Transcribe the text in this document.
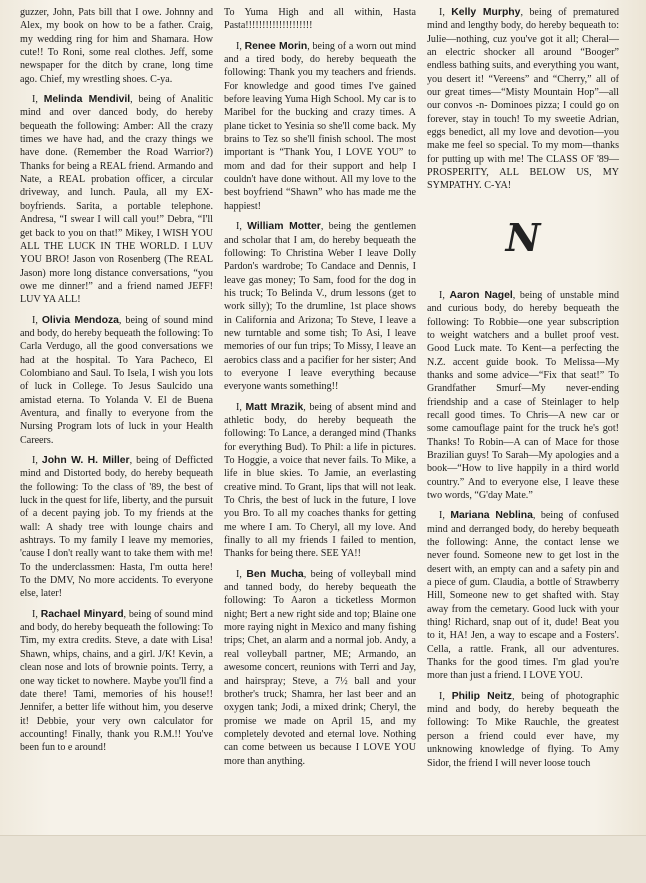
guzzer, John, Pats bill that I owe. Johnny and Alex, my book on how to be a father. Craig, my wedding ring for him and Shamara. How cute!! To Roni, some real clothes. Jeff, some newspaper for the ditch by crane, long time ago. Chief, my wrestling shoes. C-ya.

I, Melinda Mendivil, being of Analitic mind and over danced body, do hereby bequeath the following: Amber: All the crazy times we have had, and the crazy things we have done. (Remember the Road Warrior?) Thanks for being a REAL friend. Armando and Nate, a REAL probation officer, a circular driveway, and lunch. Paula, all my EX-boyfriends. Sarita, a portable telephone. Andresa, “I swear I will call you!” Debra, “I'll get back to you on that!” Mikey, I WISH YOU ALL THE LUCK IN THE WORLD. I LUV YOU BRO! Jason von Rosenberg (The REAL Jason) more long distance conversations, “you owe me dinner!” and a friend named JEFF! LUV YA ALL!

I, Olivia Mendoza, being of sound mind and body, do hereby bequeath the following: To Carla Verdugo, all the good conversations we had at the hospital. To Yara Pacheco, El Colombiano and Saul. To Isela, I wish you lots of luck in College. To Jesus Saulcido una amistad eterna. To Yolanda V. El de Buena Aventura, and finally to everyone from the Nursing Program lots of luck in your Health Careers.

I, John W. H. Miller, being of Defficted mind and Distorted body, do hereby bequeath the following: To the class of '89, the best of luck in the quest for life, liberty, and the pursuit of a decent paying job. To my friends at the wall: A shady tree with lounge chairs and ashtrays. To my family I leave my memories, 'cause I don't really want to take them with me! To the underclassmen: Hasta, I'm outta here! To the DMV, No more accidents. To everyone else, later!

I, Rachael Minyard, being of sound mind and body, do hereby bequeath the following: To Tim, my extra credits. Steve, a date with Lisa! Shawn, whips, chains, and a girl. J/K! Kevin, a clean nose and lots of brownie points. Terry, a one way ticket to nowhere. Maybe you'll find a date there! Tami, memories of his house!! Jennifer, a better life without him, you deserve it! Debbie, your very own calculator for accounting! Finally, thank you R.M.!! You've been fun to e around!

To Yuma High and all within, Hasta Pasta!!!!!!!!!!!!!!!!!!!!

I, Renee Morin, being of a worn out mind and a tired body, do hereby bequeath the following: Thank you my teachers and friends. For knowledge and good times I've gained before leaving Yuma High School. My car is to Maribel for the bucking and crazy times. A plane ticket to Yesinia so she'll come back. My brains to Tez so she'll finish school. The most important is “Thank You, I LOVE YOU” to mom and dad for their support and help I couldn't have done without. All my love to the best boyfriend “Shawn” who has made me the happiest!

I, William Motter, being the gentlemen and scholar that I am, do hereby bequeath the following: To Christina Weber I leave Dolly Pardon's wardrobe; To Candace and Dennis, I leave gas money; To Sam, food for the dog in his truck; To Belinda V., drum lessons (get to work silly); To the drumline, 1st place shows in California and Arizona; To Steve, I leave a new turntable and some tish; To Asi, I leave memories of our fun trips; To Missy, I leave an aerobics class and a pacifier for her sister; And to everyone I leave everything because everyone wants something!!

I, Matt Mrazik, being of absent mind and athletic body, do hereby bequeath the following: To Lance, a deranged mind (Thanks for everything Bud). To Phil: a life in pictures. To Hoggie, a voice that never fails. To Mike, a life in blue skies. To Jamie, an everlasting creative mind. To Grant, lips that will not leak. To Chris, the best of luck in the future, I love you Bro. To all my coaches thanks for getting me where I am. To Cheryl, all my love. And finally to all my friends I failed to mention, Thanks for being there. SEE YA!!

I, Ben Mucha, being of volleyball mind and tanned body, do hereby bequeath the following: To Aaron a ticketless Mormon night; Bert a new right side and top; Blaine one more raying night in Mexico and many fishing trips; Chet, an alarm and a normal job. Andy, a real volleyball partner, ME; Armando, an awesome concert, reunions with Terri and Jay, and hairspray; Steve, a 7½ ball and your brother's truck; Shamra, her last beer and an oxygen tank; Jodi, a mixed drink; Cheryl, the promise we made on April 15, and my completely devoted and eternal love. Nothing can come between us because I LOVE YOU more than anything.

I, Kelly Murphy, being of prematured mind and lengthy body, do hereby bequeath to: Julie—nothing, cuz you've got it all; Cheral—an electric shocker all around “Booger” endless bathing suits, and everything you want, you desert it! “Vereens” and “Cherry,” all of our great times—“Misty Mountain Hop”—all our convos -n- Dominoes pizza; I could go on forever, stay in touch! To my sweetie Adrian, eggs benedict, all my love and devotion—you make me feel so special. To my mom—thanks for putting up with me! The CLASS OF '89—PROSPERITY, ALL BELOW US, MY SYMPATHY. C-YA!

N

I, Aaron Nagel, being of unstable mind and curious body, do hereby bequeath the following: To Robbie—one year subscription to weight watchers and a bullet proof vest. Good Luck mate. To Kent—a perfecting the N.Z. accent guide book. To Melissa—My thanks and some advice—“Fix that seat!” To Grandfather Smurf—My never-ending friendship and a case of Steinlager to help recall good times. To Chris—A new car or some camouflage paint for the truck he's got! Thanks! To Robin—A can of Mace for those Brazilian guys! To Sarah—My apologies and a book—“How to live happily in a third world country.” And to everyone else, I leave these two words, “G'day Mate.”

I, Mariana Neblina, being of confused mind and derranged body, do hereby bequeath the following: Anne, the contact lense we never found. Someone new to get lost in the desert with, an empty can and a safety pin and a piece of gum. Claudia, a bottle of Strawberry Hill, Someone new to get shafted with. Stay away from the cemetary. Good luck with your thing! Richard, snap out of it, dude! Beat you to it, HA! Jen, a way to escape and a Fosters'. Cella, a rattle. Frank, all our adventures. Thanks for the good times. I'm glad you're more than just a friend. I LOVE YOU.

I, Philip Neitz, being of photographic mind and body, do hereby bequeath the following: To Mike Rauchle, the greatest person a friend could ever have, my unknowing knowledge of flying. To Amy Sidor, the friend I will never loose touch
